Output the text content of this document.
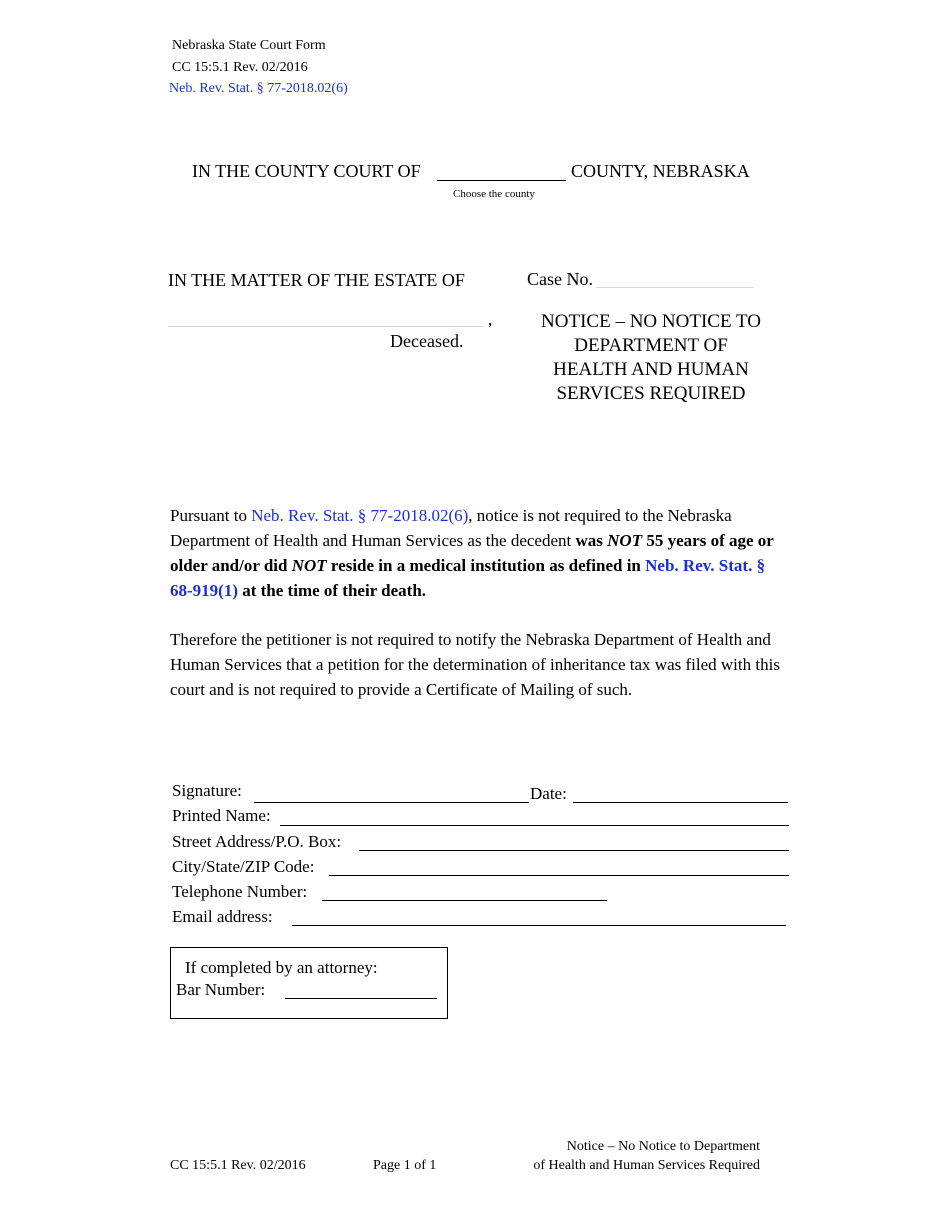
Nebraska State Court Form
CC 15:5.1 Rev. 02/2016
Neb. Rev. Stat. § 77-2018.02(6)
IN THE COUNTY COURT OF	COUNTY, NEBRASKA
Choose the county
IN THE MATTER OF THE ESTATE OF
,
Deceased.
Case No.
NOTICE – NO NOTICE TO
DEPARTMENT OF
HEALTH AND HUMAN
SERVICES REQUIRED
Pursuant to Neb. Rev. Stat. § 77-2018.02(6), notice is not required to the Nebraska Department of Health and Human Services as the decedent was NOT 55 years of age or older and/or did NOT reside in a medical institution as defined in Neb. Rev. Stat. § 68-919(1) at the time of their death.
Therefore the petitioner is not required to notify the Nebraska Department of Health and Human Services that a petition for the determination of inheritance tax was filed with this court and is not required to provide a Certificate of Mailing of such.
Signature:	Date:
Printed Name:
Street Address/P.O. Box:
City/State/ZIP Code:
Telephone Number:
Email address:
If completed by an attorney:
Bar Number:
CC 15:5.1 Rev. 02/2016	Page 1 of 1
Notice – No Notice to Department
of Health and Human Services Required
